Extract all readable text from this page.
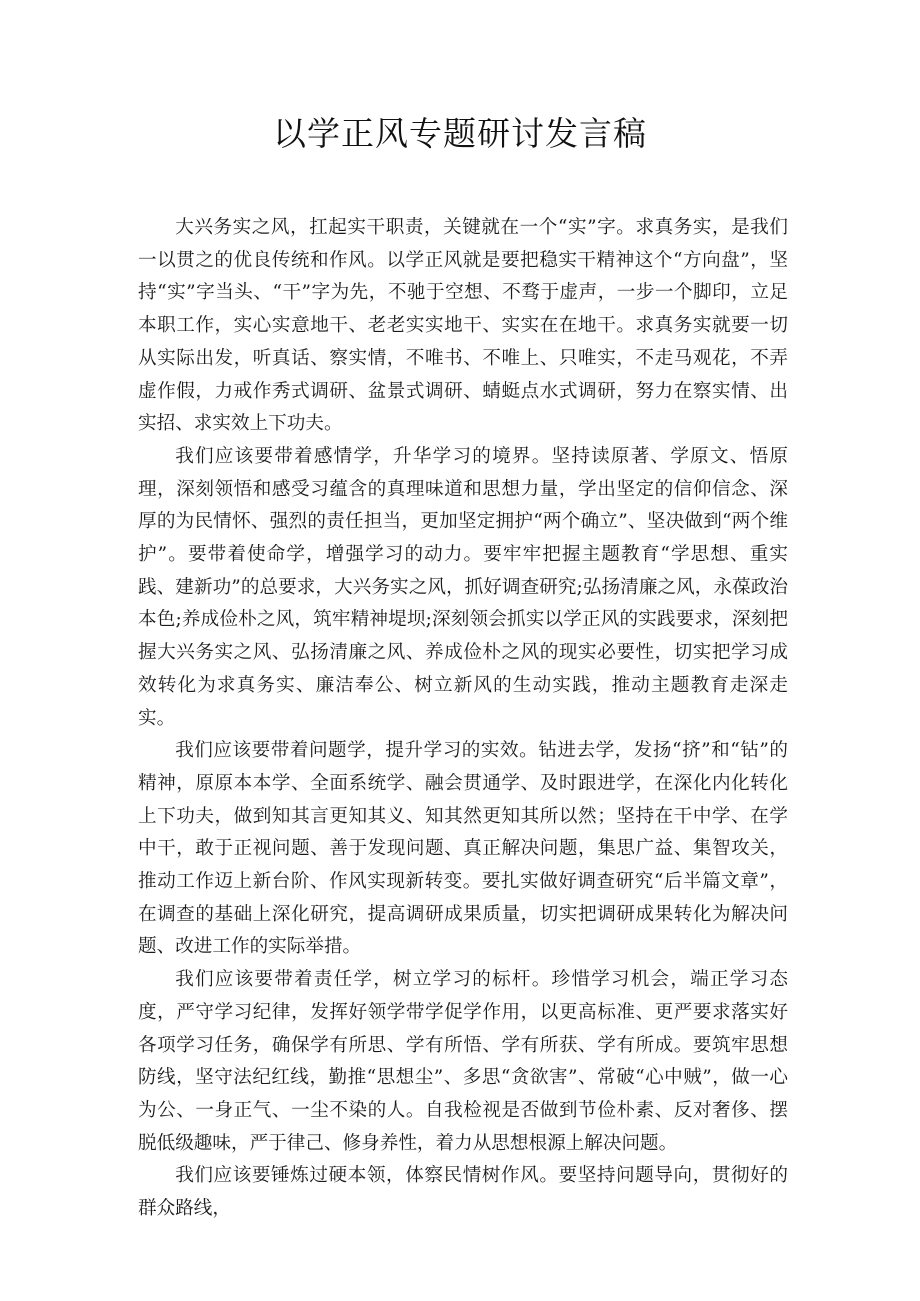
以学正风专题研讨发言稿

大兴务实之风，扛起实干职责，关键就在一个“实”字。求真务实，是我们一以贯之的优良传统和作风。以学正风就是要把稳实干精神这个“方向盘”，坚持“实”字当头、“干”字为先，不驰于空想、不骛于虚声，一步一个脚印，立足本职工作，实心实意地干、老老实实地干、实实在在地干。求真务实就要一切从实际出发，听真话、察实情，不唯书、不唯上、只唯实，不走马观花，不弄虚作假，力戒作秀式调研、盆景式调研、蜻蜓点水式调研，努力在察实情、出实招、求实效上下功夫。

我们应该要带着感情学，升华学习的境界。坚持读原著、学原文、悟原理，深刻领悟和感受习蕴含的真理味道和思想力量，学出坚定的信仰信念、深厚的为民情怀、强烈的责任担当，更加坚定拥护“两个确立”、坚决做到“两个维护”。要带着使命学，增强学习的动力。要牢牢把握主题教育“学思想、重实践、建新功”的总要求，大兴务实之风，抓好调查研究;弘扬清廉之风，永葆政治本色;养成俭朴之风，筑牢精神堤坝;深刻领会抓实以学正风的实践要求，深刻把握大兴务实之风、弘扬清廉之风、养成俭朴之风的现实必要性，切实把学习成效转化为求真务实、廉洁奉公、树立新风的生动实践，推动主题教育走深走实。

我们应该要带着问题学，提升学习的实效。钻进去学，发扬“挤”和“钻”的精神，原原本本学、全面系统学、融会贯通学、及时跟进学，在深化内化转化上下功夫，做到知其言更知其义、知其然更知其所以然；坚持在干中学、在学中干，敢于正视问题、善于发现问题、真正解决问题，集思广益、集智攻关，推动工作迈上新台阶、作风实现新转变。要扎实做好调查研究“后半篇文章”，在调查的基础上深化研究，提高调研成果质量，切实把调研成果转化为解决问题、改进工作的实际举措。

我们应该要带着责任学，树立学习的标杆。珍惜学习机会，端正学习态度，严守学习纪律，发挥好领学带学促学作用，以更高标准、更严要求落实好各项学习任务，确保学有所思、学有所悟、学有所获、学有所成。要筑牢思想防线，坚守法纪红线，勤推“思想尘”、多思“贪欲害”、常破“心中贼”，做一心为公、一身正气、一尘不染的人。自我检视是否做到节俭朴素、反对奢侈、摆脱低级趣味，严于律己、修身养性，着力从思想根源上解决问题。

我们应该要锤炼过硬本领，体察民情树作风。要坚持问题导向，贯彻好的群众路线，
